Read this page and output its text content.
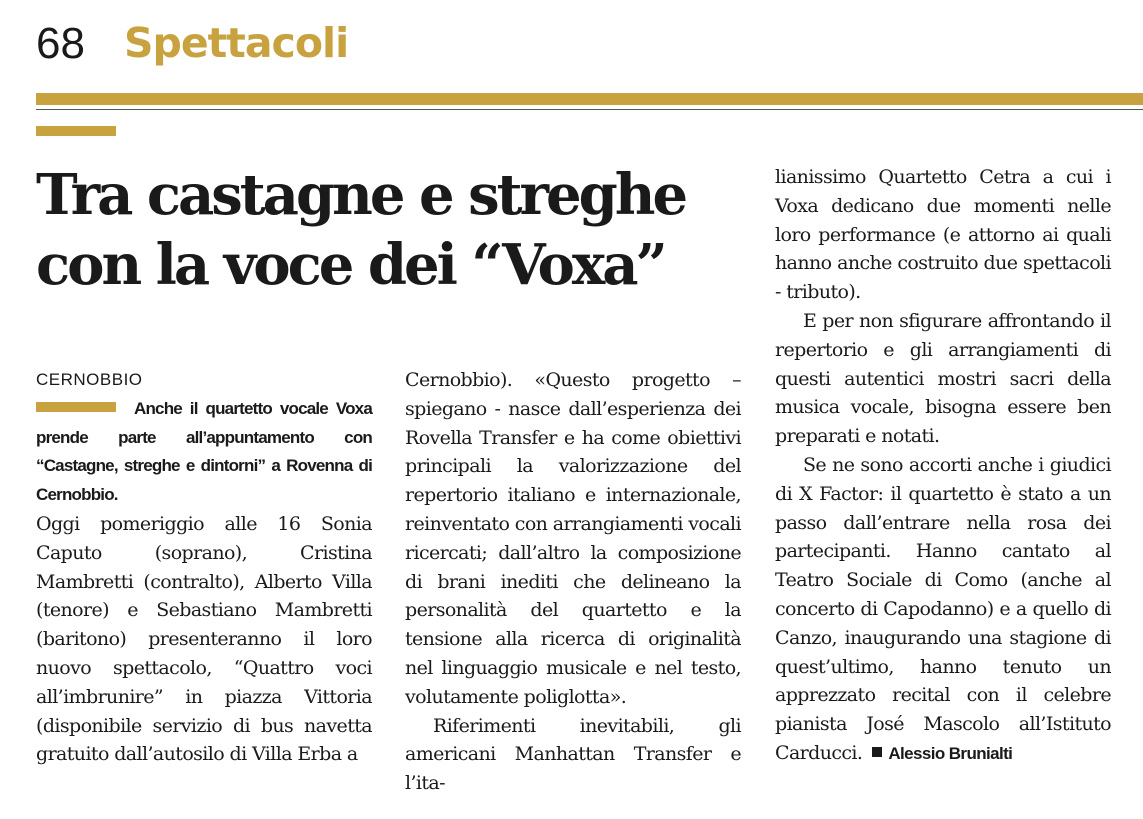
68 Spettacoli
Tra castagne e streghe
con la voce dei “Voxa”
CERNOBBIO

Anche il quartetto vocale Voxa prende parte all’appuntamento con “Castagne, streghe e dintorni” a Rovenna di Cernobbio.

Oggi pomeriggio alle 16 Sonia Caputo (soprano), Cristina Mambretti (contralto), Alberto Villa (tenore) e Sebastiano Mambretti (baritono) presenteranno il loro nuovo spettacolo, “Quattro voci all’imbrunire” in piazza Vittoria (disponibile servizio di bus navetta gratuito dall’autosilo di Villa Erba a

Cernobbio). «Questo progetto – spiegano - nasce dall’esperienza dei Rovella Transfer e ha come obiettivi principali la valorizzazione del repertorio italiano e internazionale, reinventato con arrangiamenti vocali ricercati; dall’altro la composizione di brani inediti che delineano la personalità del quartetto e la tensione alla ricerca di originalità nel linguaggio musicale e nel testo, volutamente poliglotta».

Riferimenti inevitabili, gli americani Manhattan Transfer e l’ita-

lianissimo Quartetto Cetra a cui i Voxa dedicano due momenti nelle loro performance (e attorno ai quali hanno anche costruito due spettacoli - tributo).

E per non sfigurare affrontando il repertorio e gli arrangiamenti di questi autentici mostri sacri della musica vocale, bisogna essere ben preparati e notati.

Se ne sono accorti anche i giudici di X Factor: il quartetto è stato a un passo dall’entrare nella rosa dei partecipanti. Hanno cantato al Teatro Sociale di Como (anche al concerto di Capodanno) e a quello di Canzo, inaugurando una stagione di quest’ultimo, hanno tenuto un apprezzato recital con il celebre pianista José Mascolo all’Istituto Carducci. Alessio Brunialti
